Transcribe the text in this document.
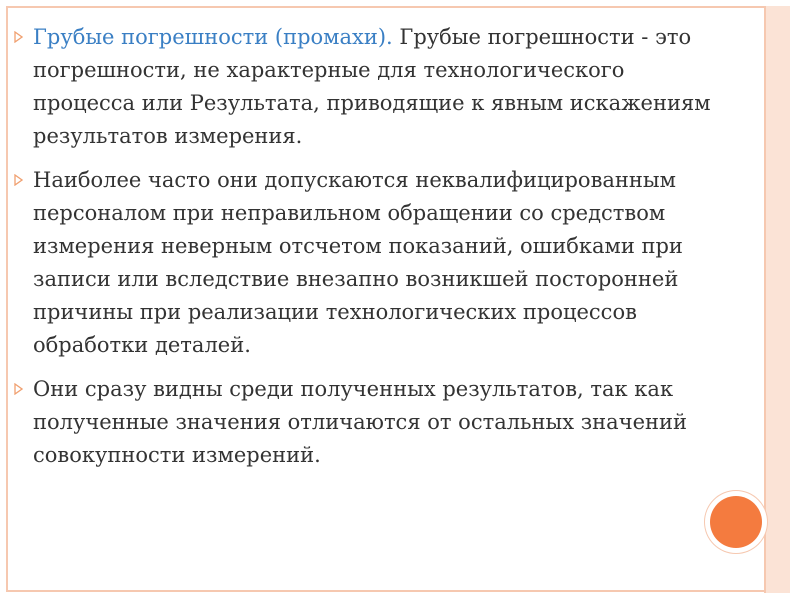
Грубые погрешности (промахи). Грубые погрешности - это погрешности, не характерные для технологического процесса или Результата, приводящие к явным искажениям результатов измерения.
Наиболее часто они допускаются неквалифицированным персоналом при неправильном обращении со средством измерения неверным отсчетом показаний, ошибками при записи или вследствие внезапно возникшей посторонней причины при реализации технологических процессов обработки деталей.
Они сразу видны среди полученных результатов, так как полученные значения отличаются от остальных значений совокупности измерений.
